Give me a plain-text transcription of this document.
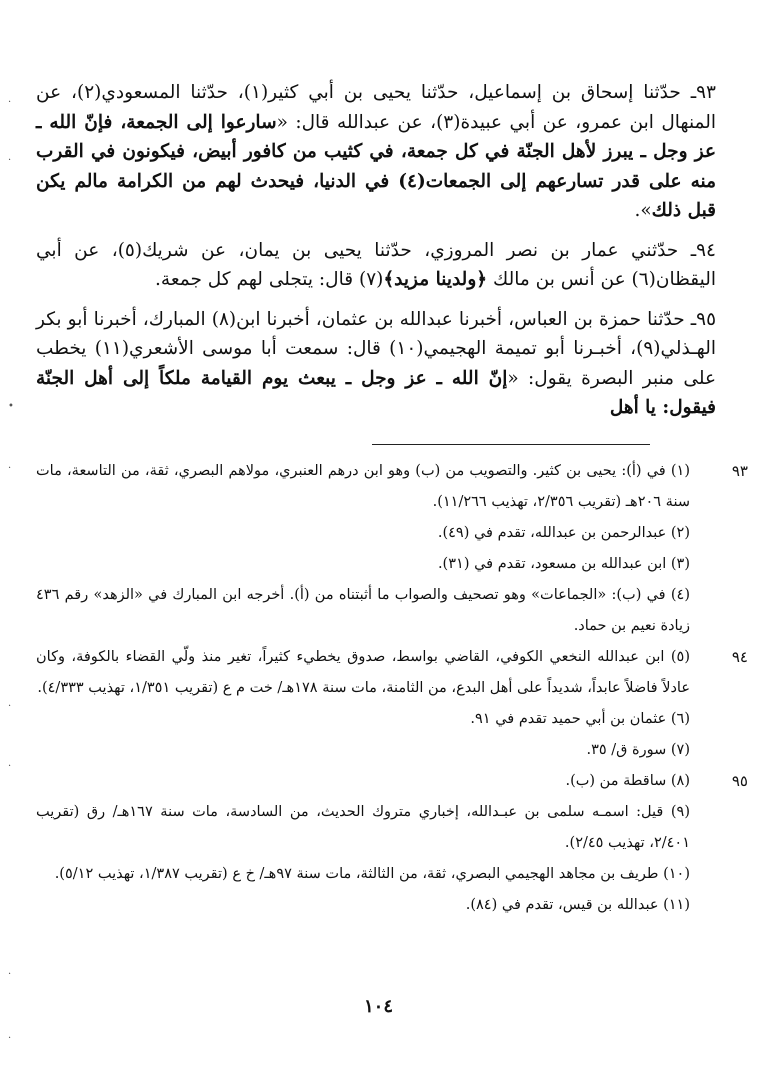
٩٣ـ حدّثنا إسحاق بن إسماعيل، حدّثنا يحيى بن أبي كثير(١)، حدّثنا المسعودي(٢)، عن المنهال ابن عمرو، عن أبي عبيدة(٣)، عن عبدالله قال: «سارعوا إلى الجمعة، فإنّ الله ـ عز وجل ـ يبرز لأهل الجنّة في كل جمعة، في كثيب من كافور أبيض، فيكونون في القرب منه على قدر تسارعهم إلى الجمعات(٤) في الدنيا، فيحدث لهم من الكرامة مالم يكن قبل ذلك».

٩٤ـ حدّثني عمار بن نصر المروزي، حدّثنا يحيى بن يمان، عن شريك(٥)، عن أبي اليقظان(٦) عن أنس بن مالك ﴿ولدينا مزيد﴾(٧) قال: يتجلى لهم كل جمعة.

٩٥ـ حدّثنا حمزة بن العباس، أخبرنا عبدالله بن عثمان، أخبرنا ابن(٨) المبارك، أخبرنا أبو بكر الهـذلي(٩)، أخبـرنا أبو تميمة الهجيمي(١٠) قال: سمعت أبا موسى الأشعري(١١) يخطب على منبر البصرة يقول: «إنّ الله ـ عز وجل ـ يبعث يوم القيامة ملكاً إلى أهل الجنّة فيقول: يا أهل

٩٣
(١) في (أ): يحيى بن كثير. والتصويب من (ب) وهو ابن درهم العنبري، مولاهم البصري، ثقة، من التاسعة، مات سنة ٢٠٦هـ (تقريب ٢/٣٥٦، تهذيب ١١/٢٦٦).
(٢) عبدالرحمن بن عبدالله، تقدم في (٤٩).
(٣) ابن عبدالله بن مسعود، تقدم في (٣١).
(٤) في (ب): «الجماعات» وهو تصحيف والصواب ما أثبتناه من (أ). أخرجه ابن المبارك في «الزهد» رقم ٤٣٦ زيادة نعيم بن حماد.
٩٤
(٥) ابن عبدالله النخعي الكوفي، القاضي بواسط، صدوق يخطيء كثيراً، تغير منذ ولّي القضاء بالكوفة، وكان عادلاً فاضلاً عابداً، شديداً على أهل البدع، من الثامنة، مات سنة ١٧٨هـ/ خت م ع (تقريب ١/٣٥١، تهذيب ٤/٣٣٣).
(٦) عثمان بن أبي حميد تقدم في ٩١.
(٧) سورة ق/ ٣٥.
٩٥
(٨) ساقطة من (ب).
(٩) قيل: اسمـه سلمى بن عبـدالله، إخباري متروك الحديث، من السادسة، مات سنة ١٦٧هـ/ رق (تقريب ٢/٤٠١، تهذيب ٢/٤٥).
(١٠) طريف بن مجاهد الهجيمي البصري، ثقة، من الثالثة، مات سنة ٩٧هـ/ خ ع (تقريب ١/٣٨٧، تهذيب ٥/١٢).
(١١) عبدالله بن قيس، تقدم في (٨٤).
١٠٤
·
·
•
·
·
·
·
·
